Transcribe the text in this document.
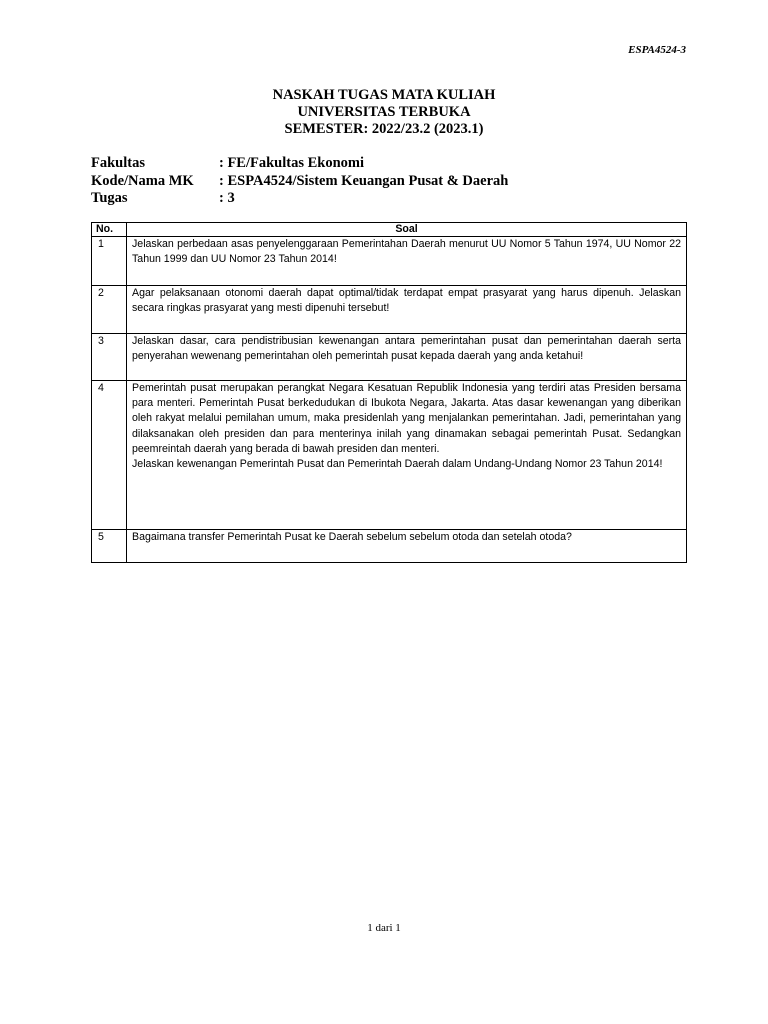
ESPA4524-3
NASKAH TUGAS MATA KULIAH
UNIVERSITAS TERBUKA
SEMESTER: 2022/23.2 (2023.1)
Fakultas	: FE/Fakultas Ekonomi
Kode/Nama MK	: ESPA4524/Sistem Keuangan Pusat & Daerah
Tugas	: 3
No.	Soal
1	Jelaskan perbedaan asas penyelenggaraan Pemerintahan Daerah menurut UU Nomor 5 Tahun 1974, UU Nomor 22 Tahun 1999 dan UU Nomor 23 Tahun 2014!

2	Agar pelaksanaan otonomi daerah dapat optimal/tidak terdapat empat prasyarat yang harus dipenuh. Jelaskan secara ringkas prasyarat yang mesti dipenuhi tersebut!

3	Jelaskan dasar, cara pendistribusian kewenangan antara pemerintahan pusat dan pemerintahan daerah serta penyerahan wewenang pemerintahan oleh pemerintah pusat kepada daerah yang anda ketahui!

4	Pemerintah pusat merupakan perangkat Negara Kesatuan Republik Indonesia yang terdiri atas Presiden bersama para menteri. Pemerintah Pusat berkedudukan di Ibukota Negara, Jakarta. Atas dasar kewenangan yang diberikan oleh rakyat melalui pemilahan umum, maka presidenlah yang menjalankan pemerintahan. Jadi, pemerintahan yang dilaksanakan oleh presiden dan para menterinya inilah yang dinamakan sebagai pemerintah Pusat. Sedangkan peemreintah daerah yang berada di bawah presiden dan menteri.
Jelaskan kewenangan Pemerintah Pusat dan Pemerintah Daerah dalam Undang-Undang Nomor 23 Tahun 2014!

5	Bagaimana transfer Pemerintah Pusat ke Daerah sebelum sebelum otoda dan setelah otoda?
1 dari 1
